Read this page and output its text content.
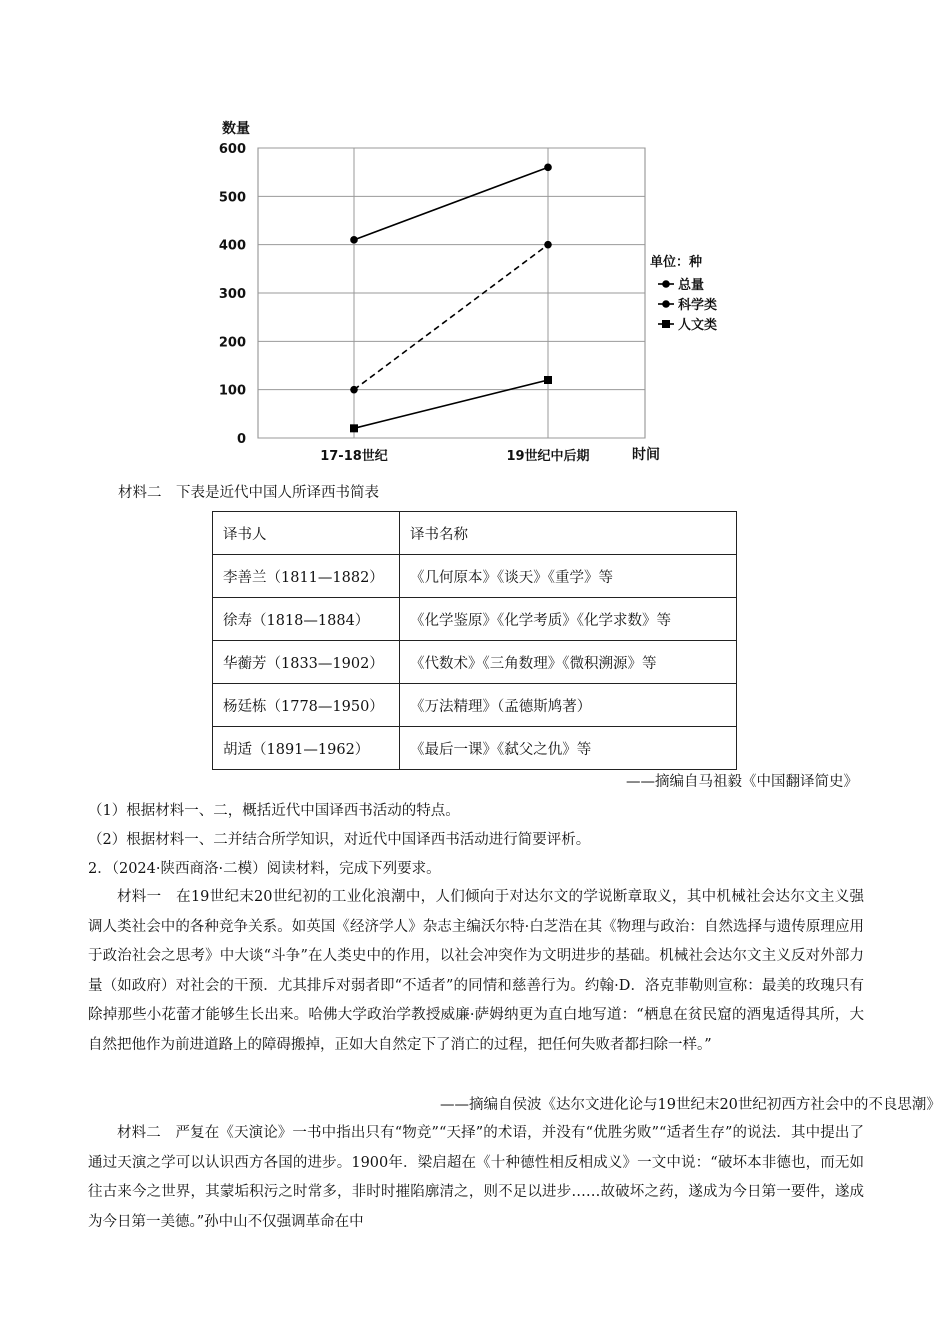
数量
0
100
200
300
400
500
600
17-18世纪	19世纪中后期	时间
单位：种
总量
科学类
人文类
材料二　下表是近代中国人所译西书简表
译书人	译书名称
李善兰（1811—1882）	《几何原本》《谈天》《重学》等
徐寿（1818—1884）	《化学鉴原》《化学考质》《化学求数》等
华蘅芳（1833—1902）	《代数术》《三角数理》《微积溯源》等
杨廷栋（1778—1950）	《万法精理》（孟德斯鸠著）
胡适（1891—1962）	《最后一课》《弑父之仇》等
——摘编自马祖毅《中国翻译简史》
（1）根据材料一、二，概括近代中国译西书活动的特点。
（2）根据材料一、二并结合所学知识，对近代中国译西书活动进行简要评析。
2．（2024·陕西商洛·二模）阅读材料，完成下列要求。
材料一　在19世纪末20世纪初的工业化浪潮中，人们倾向于对达尔文的学说断章取义，其中机械社会达尔文主义强调人类社会中的各种竞争关系。如英国《经济学人》杂志主编沃尔特·白芝浩在其《物理与政治：自然选择与遗传原理应用于政治社会之思考》中大谈“斗争”在人类史中的作用，以社会冲突作为文明进步的基础。机械社会达尔文主义反对外部力量（如政府）对社会的干预．尤其排斥对弱者即“不适者”的同情和慈善行为。约翰·D．洛克菲勒则宣称：最美的玫瑰只有除掉那些小花蕾才能够生长出来。哈佛大学政治学教授威廉·萨姆纳更为直白地写道：“栖息在贫民窟的酒鬼适得其所，大自然把他作为前进道路上的障碍搬掉，正如大自然定下了消亡的过程，把任何失败者都扫除一样。”
——摘编自侯波《达尔文进化论与19世纪末20世纪初西方社会中的不良思潮》
材料二　严复在《天演论》一书中指出只有“物竞”“天择”的术语，并没有“优胜劣败”“适者生存”的说法．其中提出了通过天演之学可以认识西方各国的进步。1900年．梁启超在《十种德性相反相成义》一文中说：“破坏本非德也，而无如往古来今之世界，其蒙垢积污之时常多，非时时摧陷廓清之，则不足以进步……故破坏之药，遂成为今日第一要件，遂成为今日第一美德。”孙中山不仅强调革命在中
